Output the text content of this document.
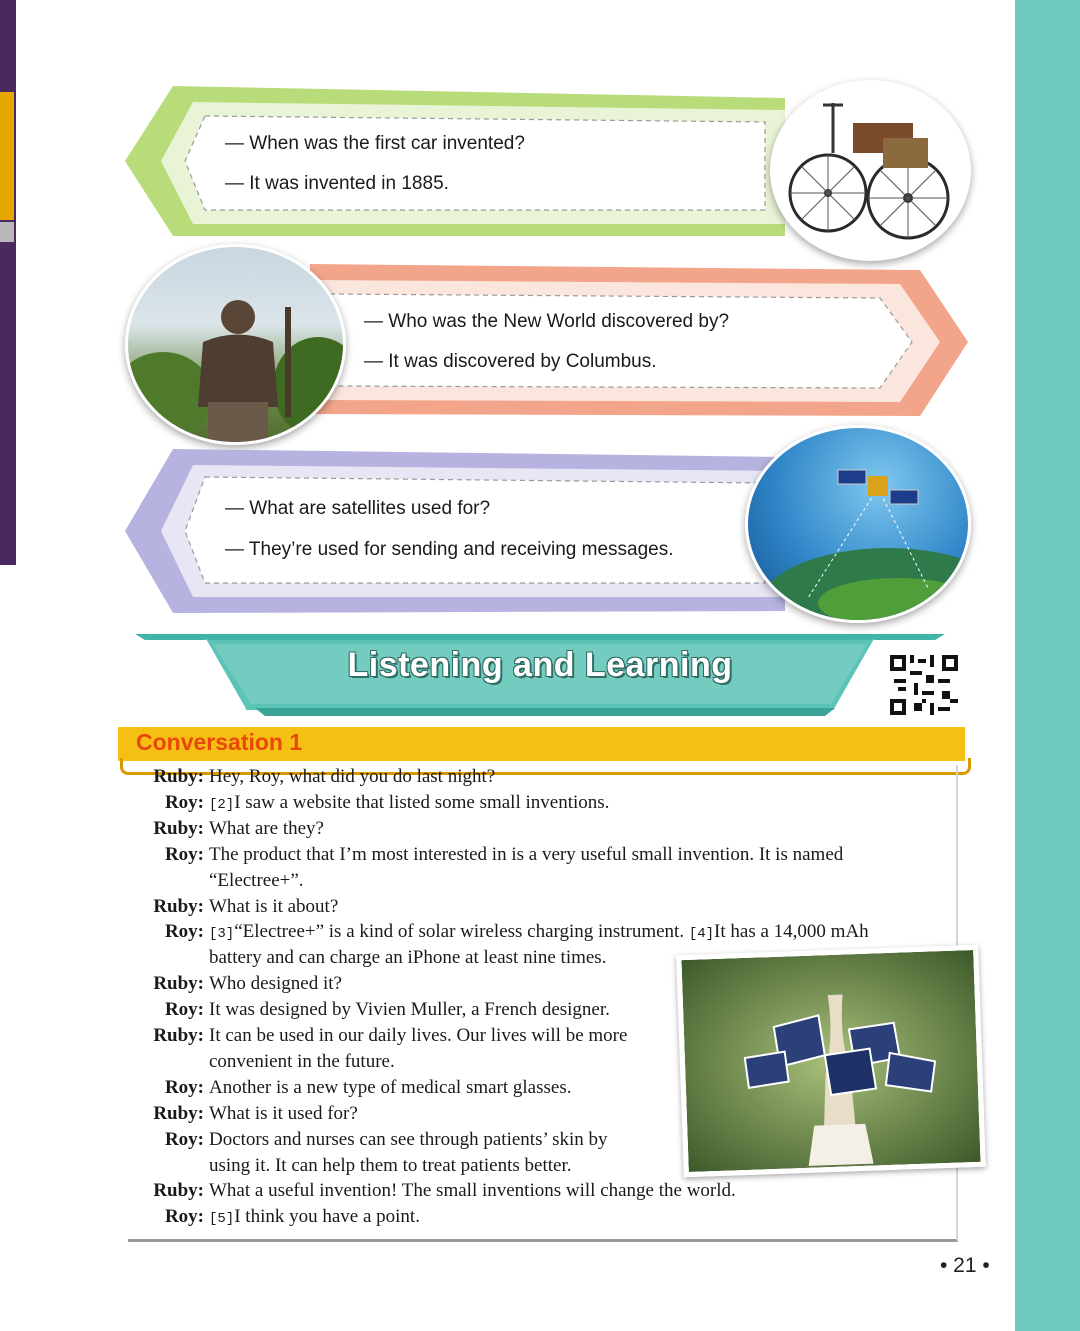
— When was the first car invented?
— It was invented in 1885.
— Who was the New World discovered by?
— It was discovered by Columbus.
— What are satellites used for?
— They’re used for sending and receiving messages.
Listening and Learning
Conversation 1
Ruby: Hey, Roy, what did you do last night?
Roy: [2]I saw a website that listed some small inventions.
Ruby: What are they?
Roy: The product that I’m most interested in is a very useful small invention. It is named
“Electree+”.
Ruby: What is it about?
Roy: [3]“Electree+” is a kind of solar wireless charging instrument. [4]It has a 14,000 mAh
battery and can charge an iPhone at least nine times.
Ruby: Who designed it?
Roy: It was designed by Vivien Muller, a French designer.
Ruby: It can be used in our daily lives. Our lives will be more
convenient in the future.
Roy: Another is a new type of medical smart glasses.
Ruby: What is it used for?
Roy: Doctors and nurses can see through patients’ skin by
using it. It can help them to treat patients better.
Ruby: What a useful invention! The small inventions will change the world.
Roy: [5]I think you have a point.
• 21 •
